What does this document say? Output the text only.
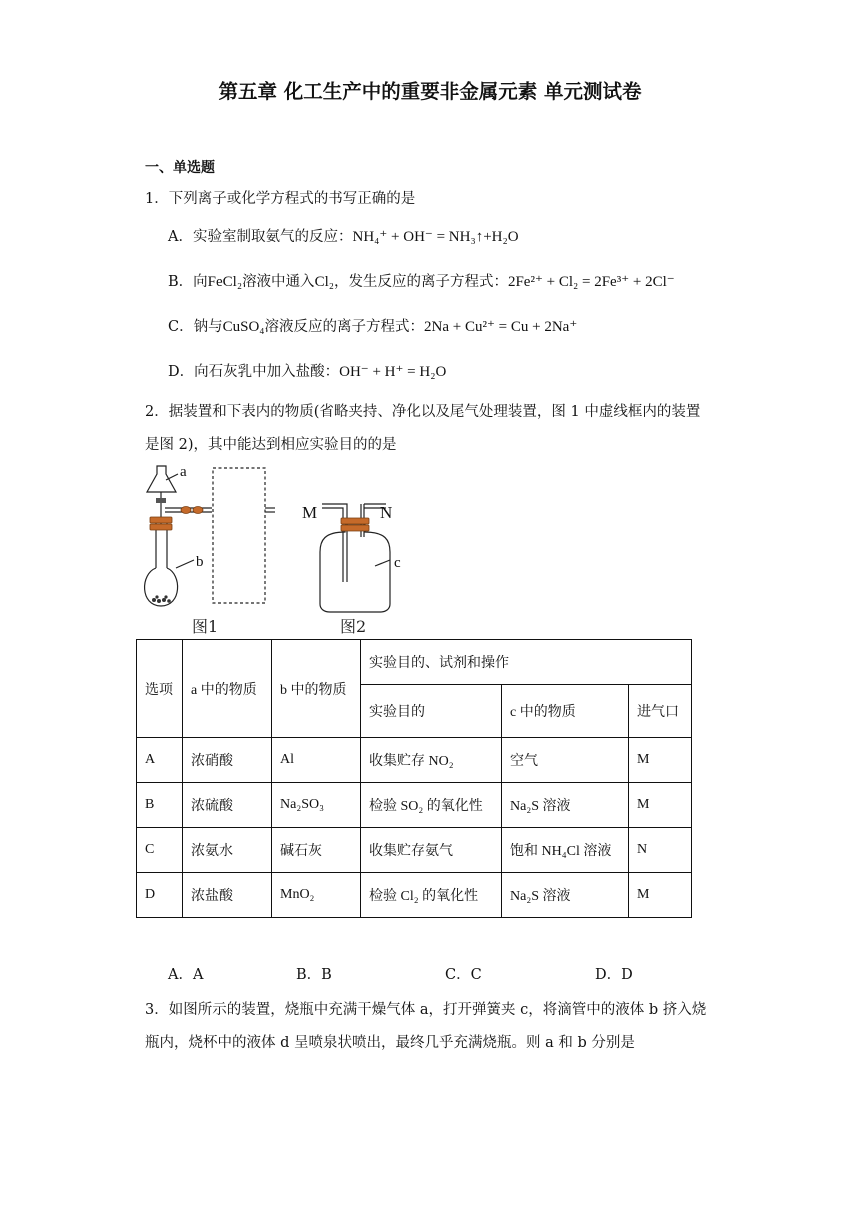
第五章 化工生产中的重要非金属元素 单元测试卷
一、单选题
1．下列离子或化学方程式的书写正确的是
A．实验室制取氨气的反应：NH₄⁺ + OH⁻ = NH₃↑+H₂O
B．向FeCl₂溶液中通入Cl₂，发生反应的离子方程式：2Fe²⁺ + Cl₂ = 2Fe³⁺ + 2Cl⁻
C．钠与CuSO₄溶液反应的离子方程式：2Na + Cu²⁺ = Cu + 2Na⁺
D．向石灰乳中加入盐酸：OH⁻ + H⁺ = H₂O
2．据装置和下表内的物质(省略夹持、净化以及尾气处理装置，图 1 中虚线框内的装置
是图 2)，其中能达到相应实验目的的是
a
b	c
M	N
图1	图2
选项	a 中的物质	b 中的物质	实验目的、试剂和操作		
			实验目的	c 中的物质	进气口
A	浓硝酸	Al	收集贮存 NO₂	空气	M
B	浓硫酸	Na₂SO₃	检验 SO₂ 的氧化性	Na₂S 溶液	M
C	浓氨水	碱石灰	收集贮存氨气	饱和 NH₄Cl 溶液	N
D	浓盐酸	MnO₂	检验 Cl₂ 的氧化性	Na₂S 溶液	M
A．A	B．B	C．C	D．D
3．如图所示的装置，烧瓶中充满干燥气体 a，打开弹簧夹 c，将滴管中的液体 b 挤入烧
瓶内，烧杯中的液体 d 呈喷泉状喷出，最终几乎充满烧瓶。则 a 和 b 分别是
